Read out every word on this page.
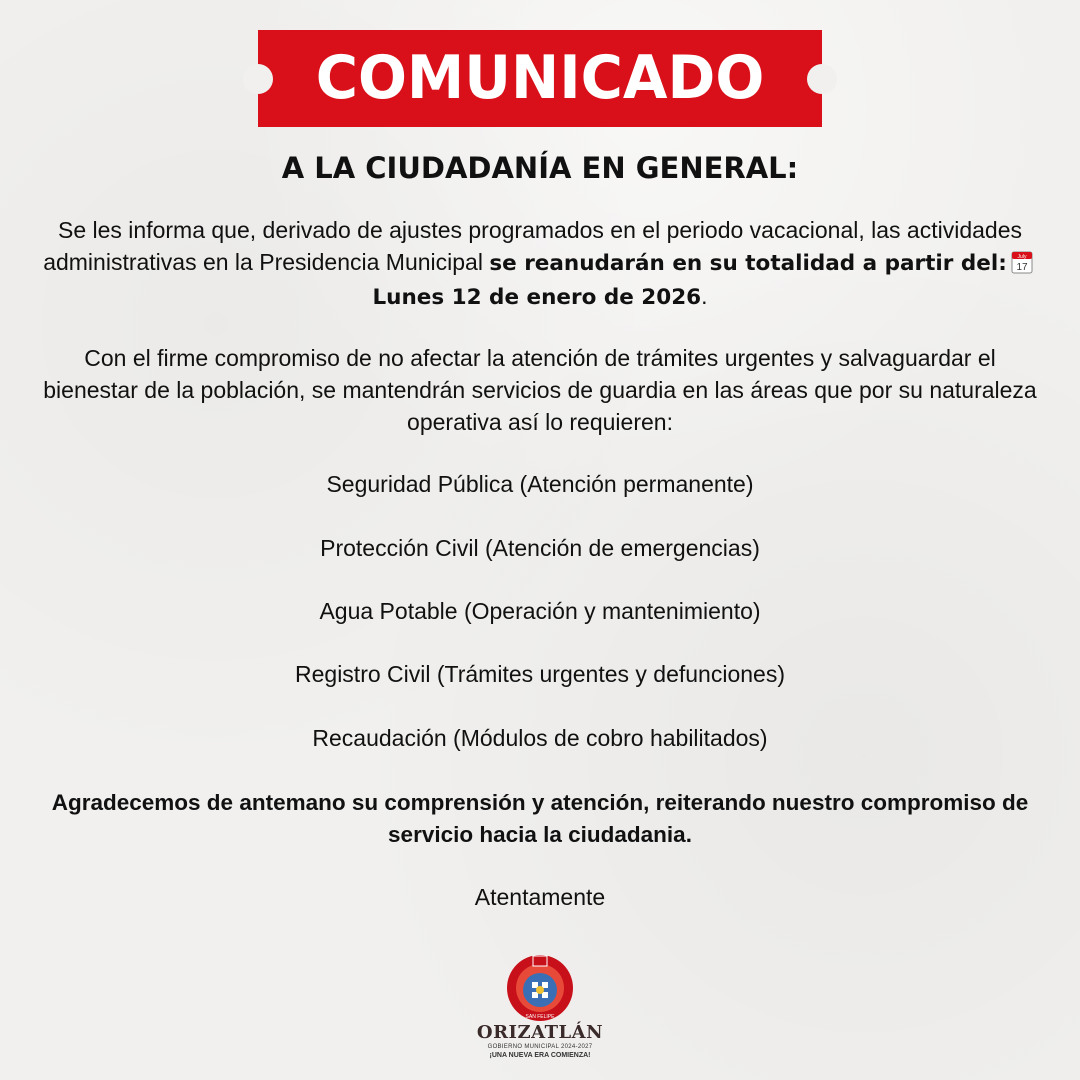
COMUNICADO
A LA CIUDADANÍA EN GENERAL:

Se les informa que, derivado de ajustes programados en el periodo vacacional, las actividades administrativas en la Presidencia Municipal se reanudarán en su totalidad a partir del: July
17
Lunes 12 de enero de 2026.

Con el firme compromiso de no afectar la atención de trámites urgentes y salvaguardar el bienestar de la población, se mantendrán servicios de guardia en las áreas que por su naturaleza operativa así lo requieren:

Seguridad Pública (Atención permanente)

Protección Civil (Atención de emergencias)

Agua Potable (Operación y mantenimiento)

Registro Civil (Trámites urgentes y defunciones)

Recaudación (Módulos de cobro habilitados)

Agradecemos de antemano su comprensión y atención, reiterando nuestro compromiso de servicio hacia la ciudadania.

Atentamente

SAN FELIPE
ORIZATLÁN
GOBIERNO MUNICIPAL 2024-2027
¡UNA NUEVA ERA COMIENZA!
